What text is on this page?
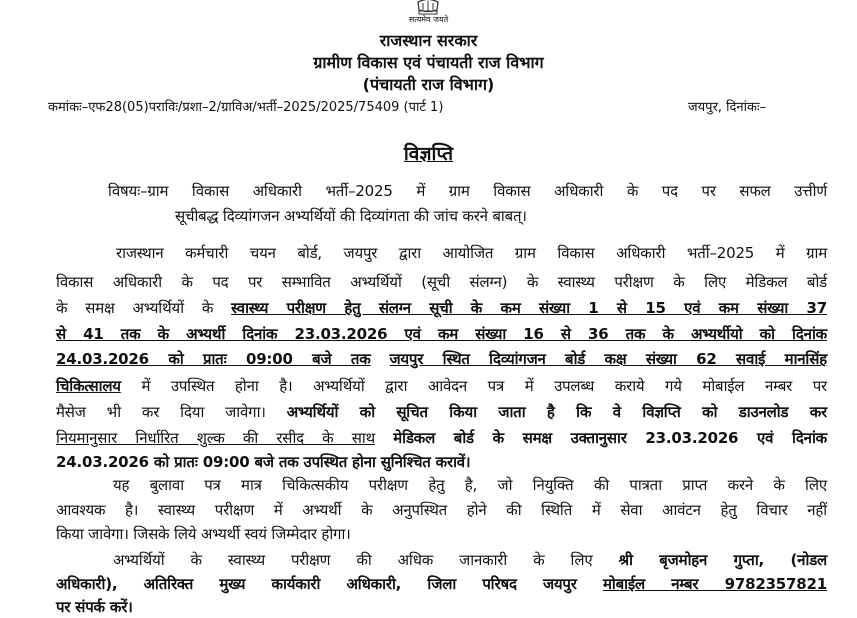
सत्यमेव जयते
राजस्थान सरकार
ग्रामीण विकास एवं पंचायती राज विभाग
(पंचायती राज विभाग)
कमांकः–एफ28(05)पराविः/प्रशा–2/ग्राविअ/भर्ती–2025/2025/75409 (पार्ट 1)	जयपुर, दिनांकः–
विज्ञप्ति
विषयः–ग्राम विकास अधिकारी भर्ती–2025 में ग्राम विकास अधिकारी के पद पर सफल उत्तीर्ण
सूचीबद्ध दिव्यांगजन अभ्यर्थियों की दिव्यांगता की जांच करने बाबत्।
राजस्थान कर्मचारी चयन बोर्ड, जयपुर द्वारा आयोजित ग्राम विकास अधिकारी भर्ती–2025 में ग्राम
विकास अधिकारी के पद पर सम्भावित अभ्यर्थियों (सूची संलग्न) के स्वास्थ्य परीक्षण के लिए मेडिकल बोर्ड
के समक्ष अभ्यर्थियों के स्वास्थ्य परीक्षण हेतु संलग्न सूची के कम संख्या 1 से 15 एवं कम संख्या 37
से 41 तक के अभ्यर्थी दिनांक 23.03.2026 एवं कम संख्या 16 से 36 तक के अभ्यर्थीयो को दिनांक
24.03.2026 को प्रातः 09:00 बजे तक जयपुर स्थित दिव्यांगजन बोर्ड कक्ष संख्या 62 सवाई मानसिंह
चिकित्सालय में उपस्थित होना है। अभ्यर्थियों द्वारा आवेदन पत्र में उपलब्ध कराये गये मोबाईल नम्बर पर
मैसेज भी कर दिया जावेगा। अभ्यर्थियों को सूचित किया जाता है कि वे विज्ञप्ति को डाउनलोड कर
नियमानुसार निर्धारित शुल्क की रसीद के साथ मेडिकल बोर्ड के समक्ष उक्तानुसार 23.03.2026 एवं दिनांक
24.03.2026 को प्रातः 09:00 बजे तक उपस्थित होना सुनिश्चित करावें।
यह बुलावा पत्र मात्र चिकित्सकीय परीक्षण हेतु है, जो नियुक्ति की पात्रता प्राप्त करने के लिए
आवश्यक है। स्वास्थ्य परीक्षण में अभ्यर्थी के अनुपस्थित होने की स्थिति में सेवा आवंटन हेतु विचार नहीं
किया जावेगा। जिसके लिये अभ्यर्थी स्वयं जिम्मेदार होगा।
अभ्यर्थियों के स्वास्थ्य परीक्षण की अधिक जानकारी के लिए श्री बृजमोहन गुप्ता, (नोडल
अधिकारी), अतिरिक्त मुख्य कार्यकारी अधिकारी, जिला परिषद जयपुर मोबाईल नम्बर 9782357821
पर संपर्क करें।
